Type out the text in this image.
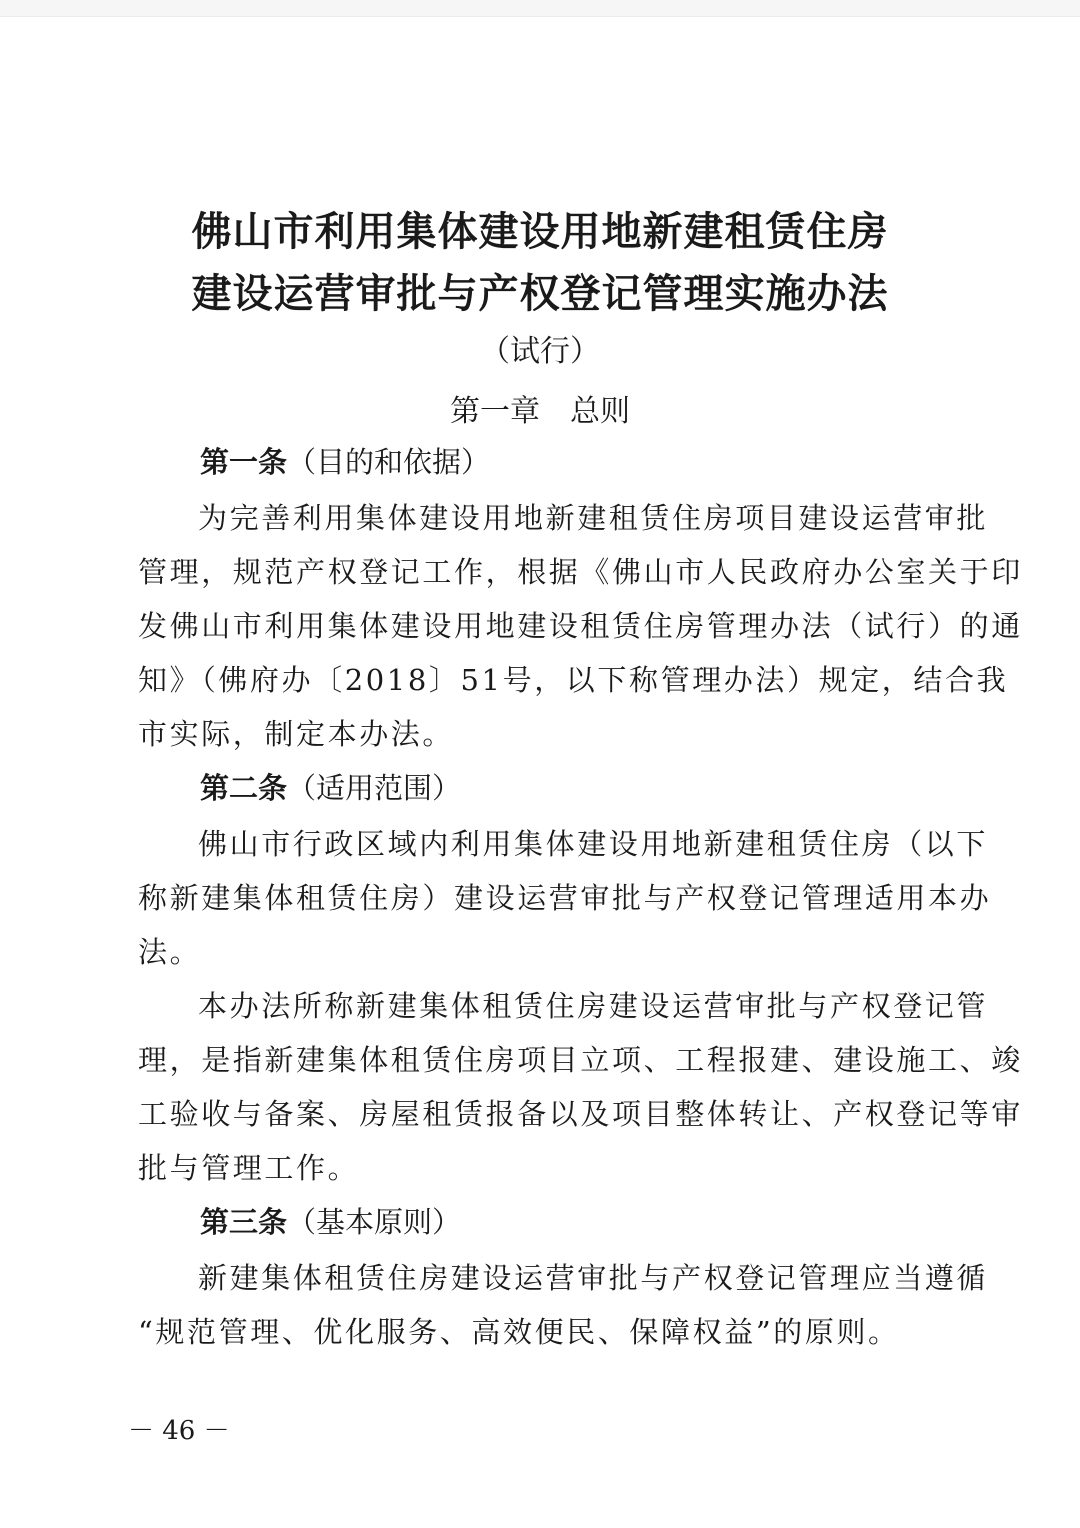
佛山市利用集体建设用地新建租赁住房
建设运营审批与产权登记管理实施办法
（试行）
第一章　总则
第一条（目的和依据）
为完善利用集体建设用地新建租赁住房项目建设运营审批
管理，规范产权登记工作，根据《佛山市人民政府办公室关于印
发佛山市利用集体建设用地建设租赁住房管理办法（试行）的通
知》（佛府办〔2018〕51号，以下称管理办法）规定，结合我
市实际，制定本办法。
第二条（适用范围）
佛山市行政区域内利用集体建设用地新建租赁住房（以下
称新建集体租赁住房）建设运营审批与产权登记管理适用本办
法。
本办法所称新建集体租赁住房建设运营审批与产权登记管
理，是指新建集体租赁住房项目立项、工程报建、建设施工、竣
工验收与备案、房屋租赁报备以及项目整体转让、产权登记等审
批与管理工作。
第三条（基本原则）
新建集体租赁住房建设运营审批与产权登记管理应当遵循
“规范管理、优化服务、高效便民、保障权益”的原则。
－ 46 －
